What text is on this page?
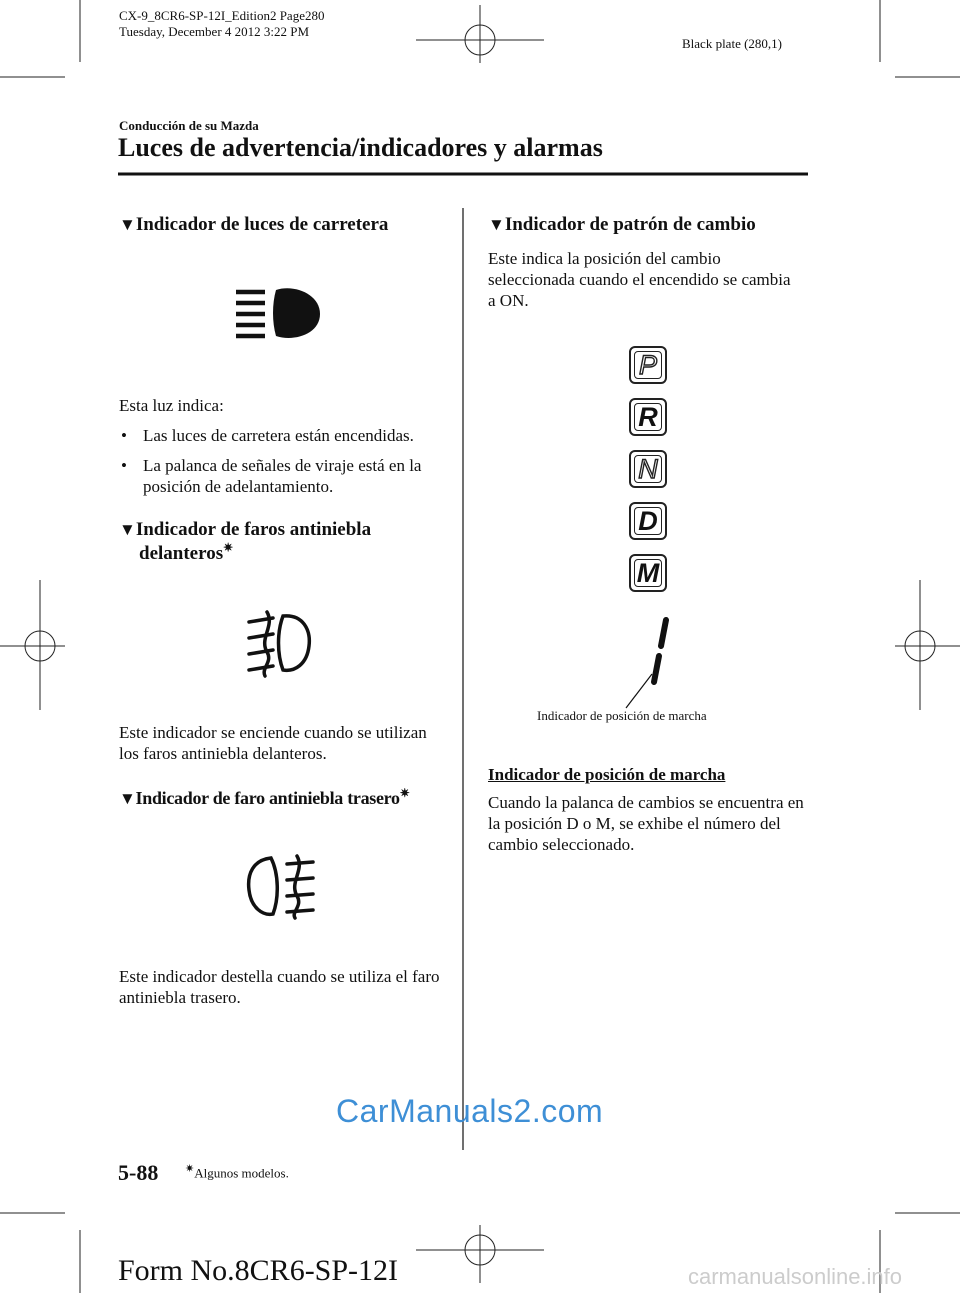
CX-9_8CR6-SP-12I_Edition2 Page280
Tuesday, December 4 2012 3:22 PM
Black plate (280,1)
Conducción de su Mazda
Luces de advertencia/indicadores y alarmas
▼Indicador de luces de carretera
Esta luz indica:
• Las luces de carretera están encendidas.
• La palanca de señales de viraje está en la posición de adelantamiento.
▼Indicador de faros antiniebla
delanteros✷
Este indicador se enciende cuando se utilizan los faros antiniebla delanteros.
▼Indicador de faro antiniebla trasero✷
Este indicador destella cuando se utiliza el faro antiniebla trasero.
▼Indicador de patrón de cambio
Este indica la posición del cambio seleccionada cuando el encendido se cambia a ON.
P
R
N
D
M
Indicador de posición de marcha
Indicador de posición de marcha
Cuando la palanca de cambios se encuentra en la posición D o M, se exhibe el número del cambio seleccionado.
CarManuals2.com
5-88 ✷Algunos modelos.
Form No.8CR6-SP-12I	carmanualsonline.info
